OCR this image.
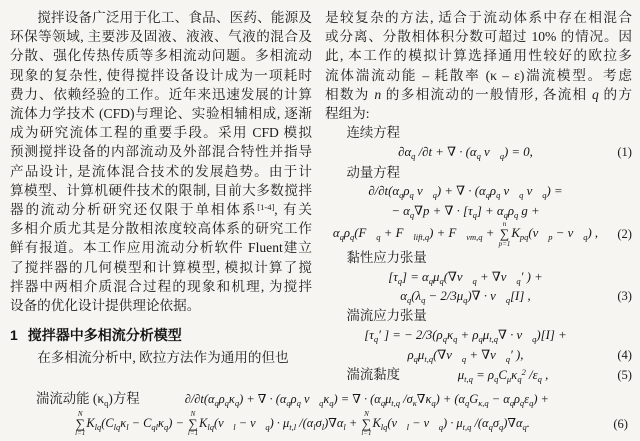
搅拌设备广泛用于化工、食品、医药、能源及
环保等领域, 主要涉及固液、液液、气液的混合及
分散、强化传热传质等多相流动问题。多相流动
现象的复杂性, 使得搅拌设备设计成为一项耗时
费力、依赖经验的工作。近年来迅速发展的计算
流体力学技术 (CFD)与理论、实验相辅相成, 逐渐
成为研究流体工程的重要手段。采用 CFD 模拟
预测搅拌设备的内部流动及外部混合特性并指导
产品设计, 是流体混合技术的发展趋势。由于计
算模型、计算机硬件技术的限制, 目前大多数搅拌
器的流动分析研究还仅限于单相体系[1-4], 有关
多相介质尤其是分散相浓度较高体系的研究工作
鲜有报道。本工作应用流动分析软件 Fluent建立
了搅拌器的几何模型和计算模型, 模拟计算了搅
拌器中两相介质混合过程的现象和机理, 为搅拌
设备的优化设计提供理论依据。
1 搅拌器中多相流分析模型
在多相流分析中, 欧拉方法作为通用的但也
是较复杂的方法, 适合于流动体系中存在相混合
或分离、分散相体积分数可超过 10% 的情况。因
此, 本工作的模拟计算选择通用性较好的欧拉多
流体湍流动能 – 耗散率 (κ – ε)湍流模型。考虑
相数为 n 的多相流动的一般情形, 各流相 q 的方
程组为:
连续方程
$\partial\alpha_q$ /∂t + ∇ · ($\alpha_q$ $v⃗_q) = 0$,	(1)
动量方程
$\partial/\partial t(\alpha_q\rho_q$ $v⃗_q$) + ∇ · ($\alpha_q\rho_q$ $v⃗_q$ $v⃗_q$) =
− $\alpha_q\nabla p$ + ∇ · $[\tau_q] + \alpha_q\rho_q$ g +
$\alpha_q\rho_q(F⃗_q$ + $F⃗_{lift,q}$) + $F⃗_{vm,q}$ +
n
∑
p=1
$K_{pq}(v⃗_p$ − $v⃗_q$) ,	(2)
黏性应力张量
$[\tau_q]$ = $\alpha_q\mu_q(\nabla v⃗_q$ + $\nabla v⃗_q'$ ) +
$\alpha_q(\lambda_q - 2/3\mu_q)\nabla$ · $v⃗_q[I]$ ,	(3)
湍流应力张量
[$\tau_q'$ ] = − $2/3(\rho_q\kappa_q + \rho_q\mu_{t,q}\nabla$ · $v⃗_q)[I]$ +
$\rho_q\mu_{t,q}(\nabla v⃗_q$ + $\nabla v⃗_q'$ ),	(4)
湍流黏度	$\mu_{t,q} = \rho_qC_\mu\kappa_q^2$ $/\varepsilon_q$ ,	(5)
湍流动能 $(\kappa_q)$方程	$\partial/\partial t(\alpha_q\rho_q\kappa_q)$ + ∇ · ($\alpha_q\rho_q$ $v⃗_q\kappa_q$) = ∇ · ($\alpha_q\mu_{t,q}$ $/\sigma_\kappa\nabla\kappa_q) + (\alpha_qG_{\kappa,q} - \alpha_q\rho_q\varepsilon_q)$ +
N
∑
l=1
$K_{lq}(C_{lq}\kappa_l - C_{ql}\kappa_q)$ −
N
∑
l=1
$K_{lq}(v⃗_l$ − $v⃗_q) \cdot \mu_{t,l}$ $/(\alpha_l\sigma_l)\nabla\alpha_l$ +
N
∑
l=1
$K_{lq}(v⃗_l$ − $v⃗_q) \cdot \mu_{t,q}$ $/(\alpha_q\sigma_q)\nabla\alpha_q$.	(6)
